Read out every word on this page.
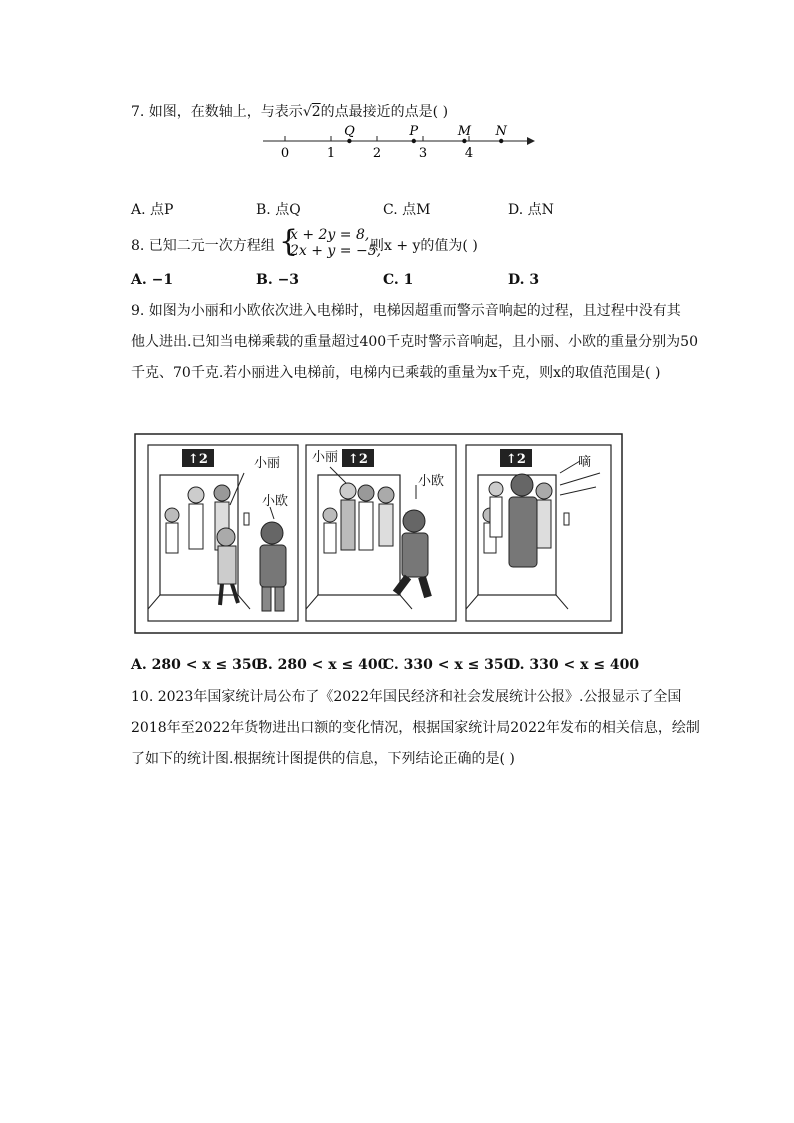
7. 如图，在数轴上，与表示√2的点最接近的点是( )
0	1	2	3	4
Q	P	M N
A. 点P	B. 点Q	C. 点M	D. 点N
8. 已知二元一次方程组 {
x + 2y = 8,
2x + y = −5,
则x + y的值为( )
A. −1	B. −3	C. 1	D. 3
9. 如图为小丽和小欧依次进入电梯时，电梯因超重而警示音响起的过程，且过程中没有其
他人进出.已知当电梯乘载的重量超过400千克时警示音响起，且小丽、小欧的重量分别为50
千克、70千克.若小丽进入电梯前，电梯内已乘载的重量为x千克，则x的取值范围是( )
↑2	小丽
小欧
↑2
小丽
小欧
↑2	嘀
A. 280 < x ≤ 350
B. 280 < x ≤ 400
C. 330 < x ≤ 350
D. 330 < x ≤ 400
10. 2023年国家统计局公布了《2022年国民经济和社会发展统计公报》.公报显示了全国
2018年至2022年货物进出口额的变化情况，根据国家统计局2022年发布的相关信息，绘制
了如下的统计图.根据统计图提供的信息，下列结论正确的是( )
